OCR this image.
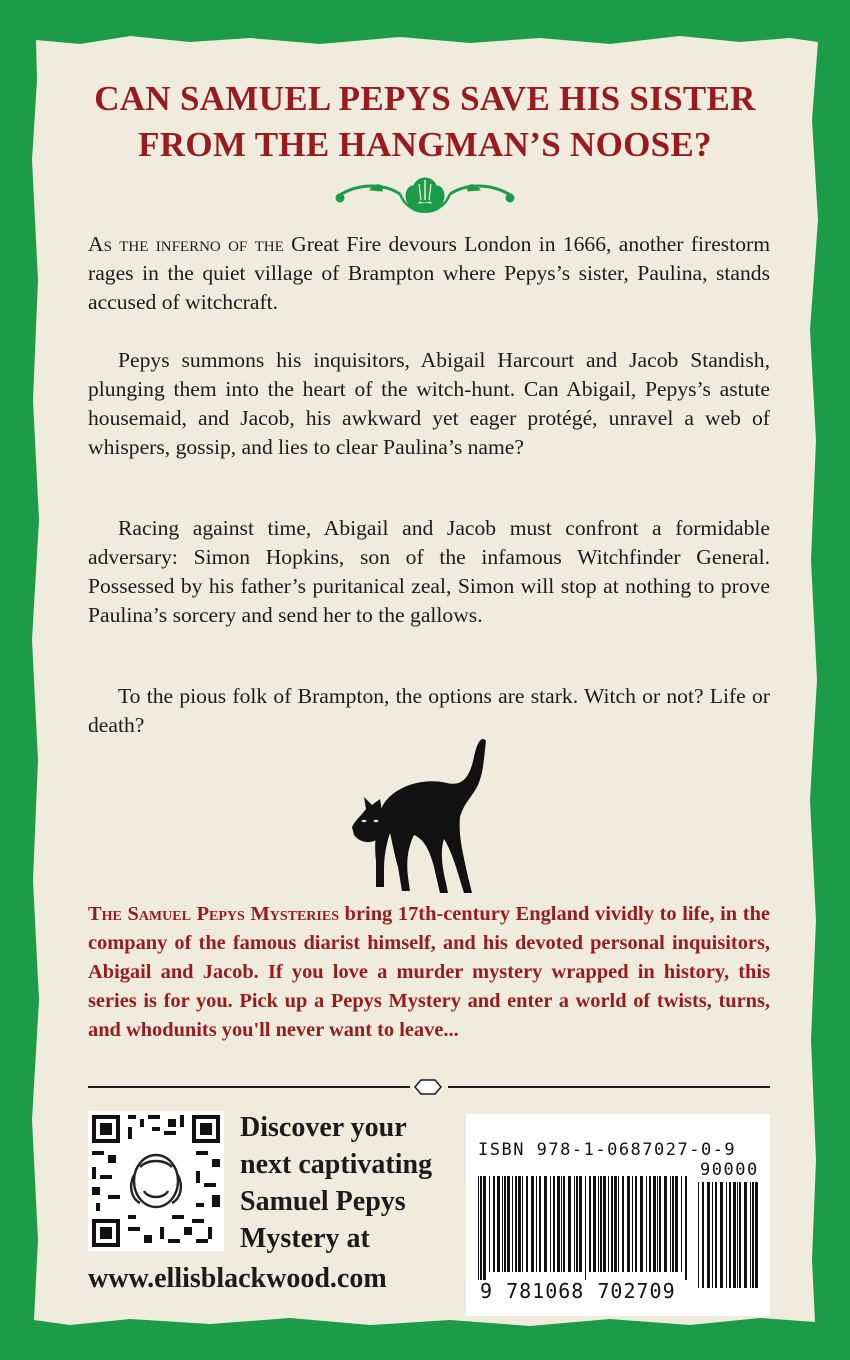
CAN SAMUEL PEPYS SAVE HIS SISTER
FROM THE HANGMAN’S NOOSE?

As the inferno of the Great Fire devours London in 1666, another firestorm rages in the quiet village of Brampton where Pepys’s sister, Paulina, stands accused of witchcraft.

Pepys summons his inquisitors, Abigail Harcourt and Jacob Standish, plunging them into the heart of the witch-hunt. Can Abigail, Pepys’s astute housemaid, and Jacob, his awkward yet eager protégé, unravel a web of whispers, gossip, and lies to clear Paulina’s name?

Racing against time, Abigail and Jacob must confront a formidable adversary: Simon Hopkins, son of the infamous Witchfinder General. Possessed by his father’s puritanical zeal, Simon will stop at nothing to prove Paulina’s sorcery and send her to the gallows.

To the pious folk of Brampton, the options are stark. Witch or not? Life or death?

The Samuel Pepys Mysteries bring 17th-century England vividly to life, in the company of the famous diarist himself, and his devoted personal inquisitors, Abigail and Jacob. If you love a murder mystery wrapped in history, this series is for you. Pick up a Pepys Mystery and enter a world of twists, turns, and whodunits you'll never want to leave...

Discover your
next captivating
Samuel Pepys
Mystery at

www.ellisblackwood.com

ISBN 978-1-0687027-0-9

90000

9 781068 702709
